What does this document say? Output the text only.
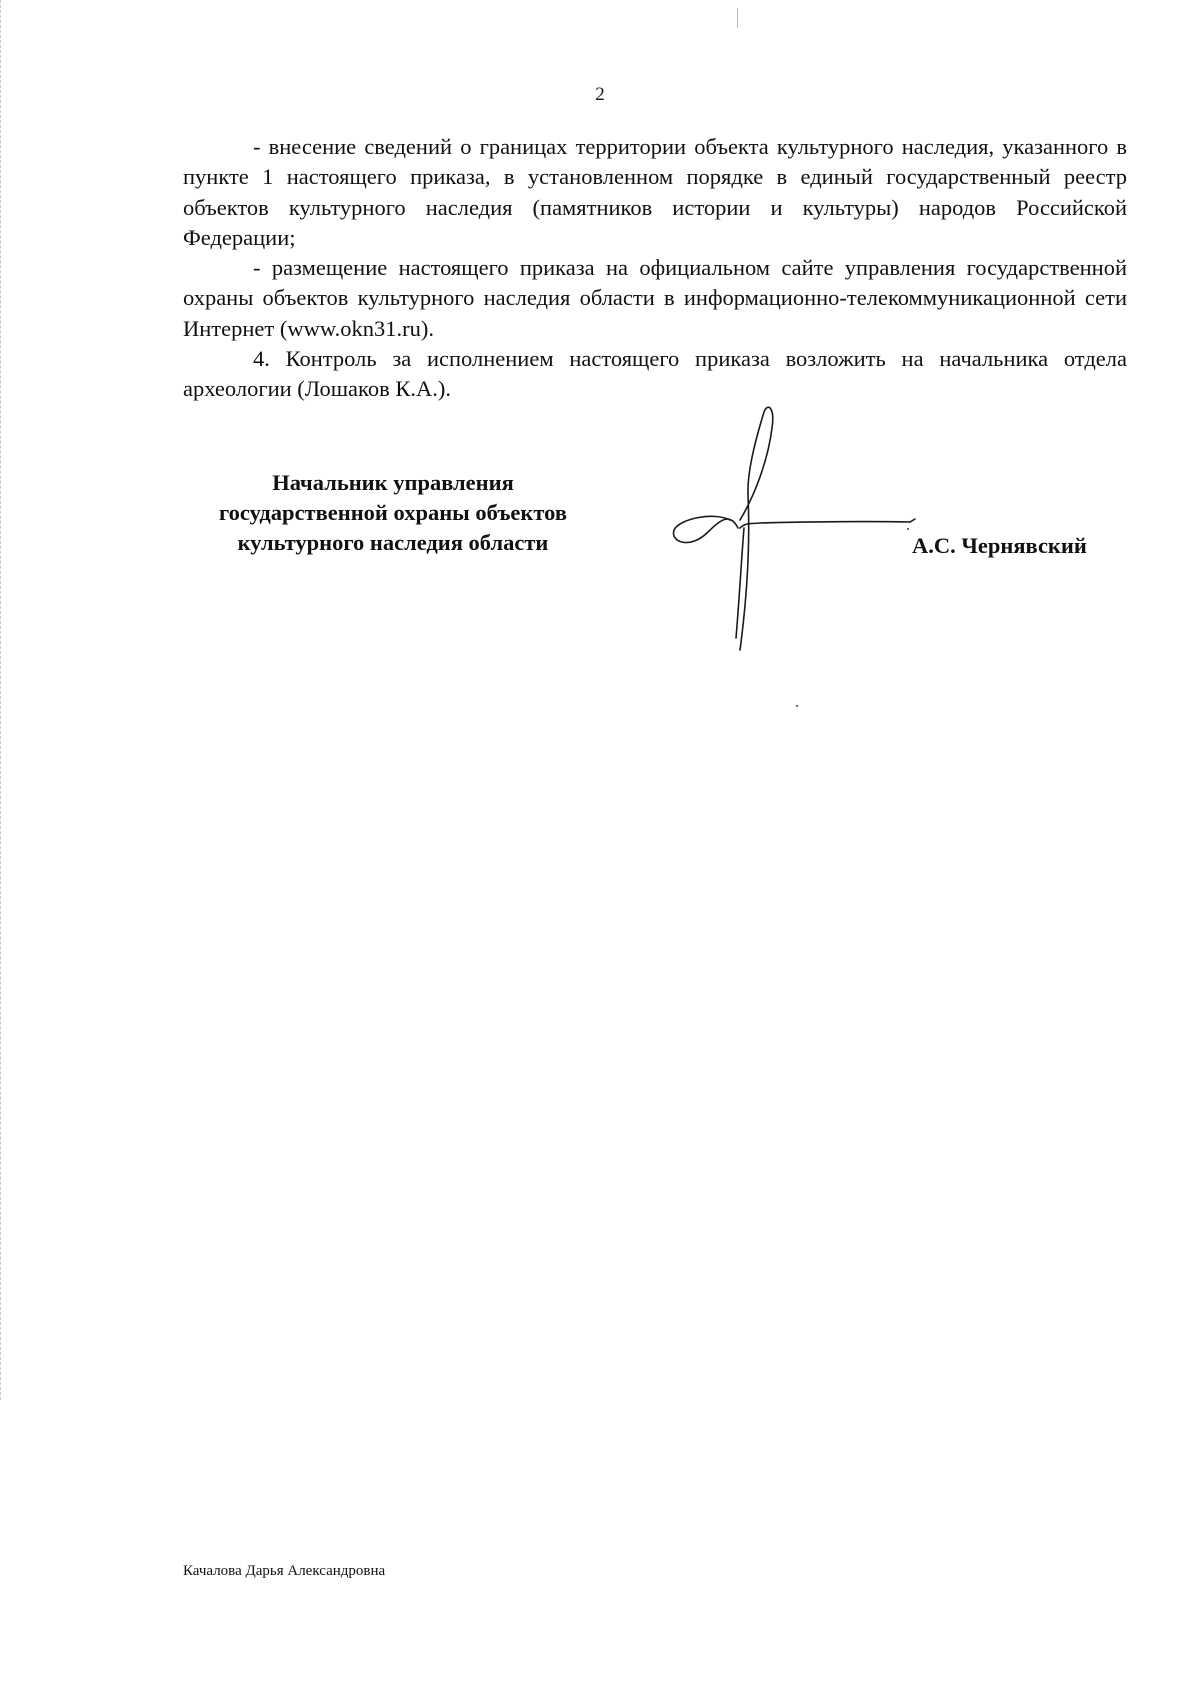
2

- внесение сведений о границах территории объекта культурного наследия, указанного в пункте 1 настоящего приказа, в установленном порядке в единый государственный реестр объектов культурного наследия (памятников истории и культуры) народов Российской Федерации;

- размещение настоящего приказа на официальном сайте управления государственной охраны объектов культурного наследия области в информационно-телекоммуникационной сети Интернет (www.okn31.ru).

4. Контроль за исполнением настоящего приказа возложить на начальника отдела археологии (Лошаков К.А.).

Начальник управления
государственной охраны объектов
культурного наследия области	А.С. Чернявский
Качалова Дарья Александровна
